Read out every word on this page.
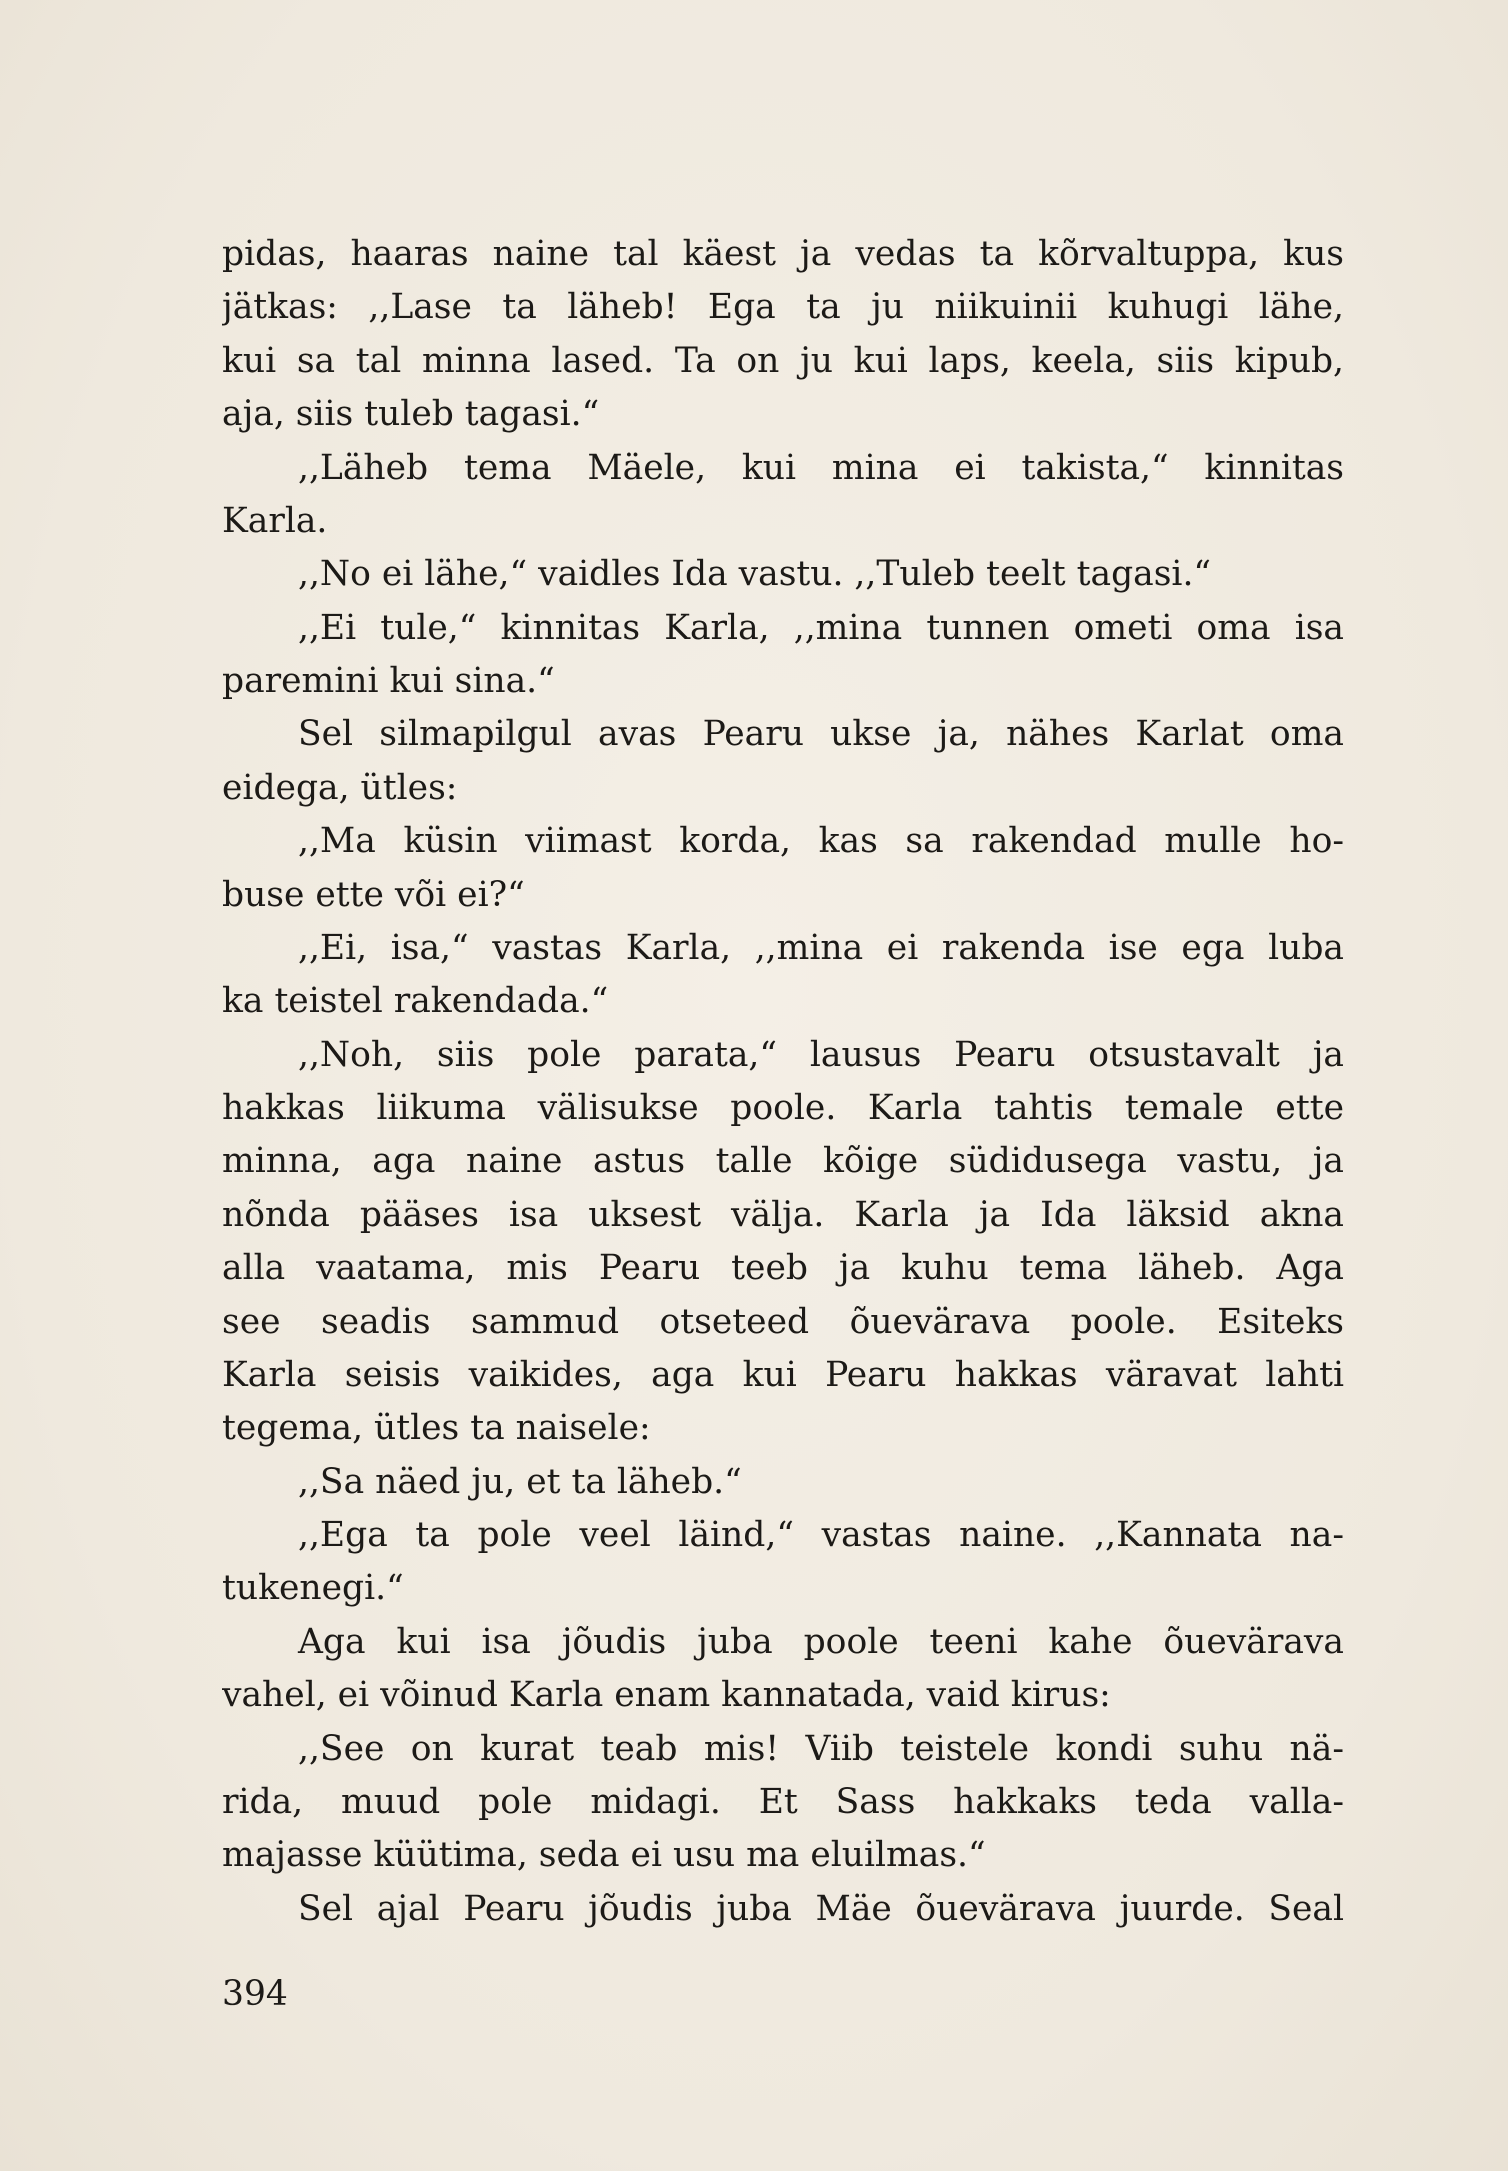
pidas, haaras naine tal käest ja vedas ta kõrvaltuppa, kus
jätkas: ,,Lase ta läheb! Ega ta ju niikuinii kuhugi lähe,
kui sa tal minna lased. Ta on ju kui laps, keela, siis kipub,
aja, siis tuleb tagasi.“
,,Läheb tema Mäele, kui mina ei takista,“ kinnitas
Karla.
,,No ei lähe,“ vaidles Ida vastu. ,,Tuleb teelt tagasi.“
,,Ei tule,“ kinnitas Karla, ,,mina tunnen ometi oma isa
paremini kui sina.“
Sel silmapilgul avas Pearu ukse ja, nähes Karlat oma
eidega, ütles:
,,Ma küsin viimast korda, kas sa rakendad mulle ho-
buse ette või ei?“
,,Ei, isa,“ vastas Karla, ,,mina ei rakenda ise ega luba
ka teistel rakendada.“
,,Noh, siis pole parata,“ lausus Pearu otsustavalt ja
hakkas liikuma välisukse poole. Karla tahtis temale ette
minna, aga naine astus talle kõige südidusega vastu, ja
nõnda pääses isa uksest välja. Karla ja Ida läksid akna
alla vaatama, mis Pearu teeb ja kuhu tema läheb. Aga
see seadis sammud otseteed õueväravа poole. Esiteks
Karla seisis vaikides, aga kui Pearu hakkas väravat lahti
tegema, ütles ta naisele:
,,Sa näed ju, et ta läheb.“
,,Ega ta pole veel läind,“ vastas naine. ,,Kannata na-
tukenegi.“
Aga kui isa jõudis juba poole teeni kahe õueväravа
vahel, ei võinud Karla enam kannatada, vaid kirus:
,,See on kurat teab mis! Viib teistele kondi suhu nä-
rida, muud pole midagi. Et Sass hakkaks teda valla-
majasse küütima, seda ei usu ma eluilmas.“
Sel ajal Pearu jõudis juba Mäe õueväravа juurde. Seal
394
